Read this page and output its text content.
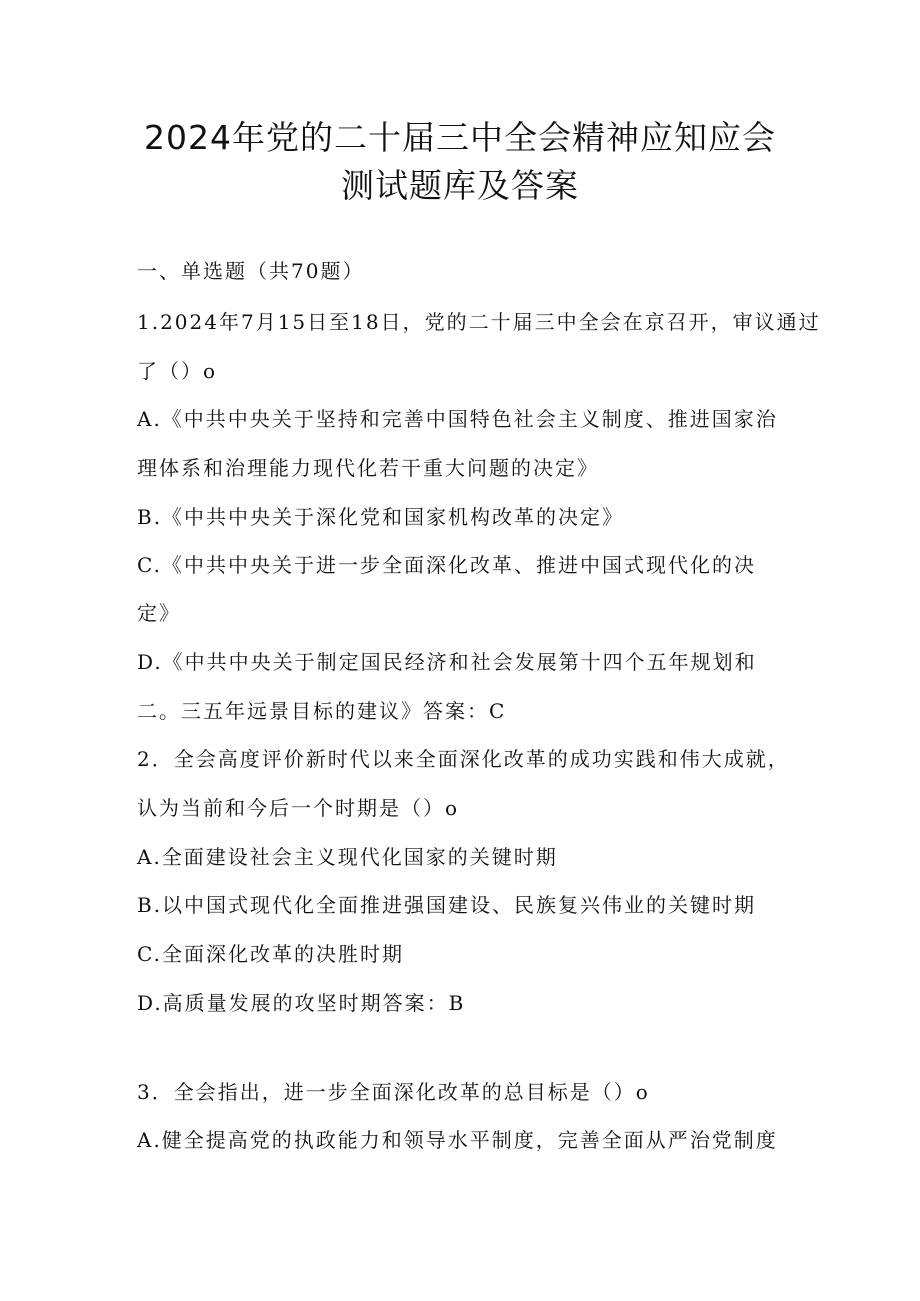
2024年党的二十届三中全会精神应知应会
测试题库及答案
一、单选题（共70题）
1.2024年7月15日至18日，党的二十届三中全会在京召开，审议通过
了（）o
A.《中共中央关于坚持和完善中国特色社会主义制度、推进国家治
理体系和治理能力现代化若干重大问题的决定》
B.《中共中央关于深化党和国家机构改革的决定》
C.《中共中央关于进一步全面深化改革、推进中国式现代化的决
定》
D.《中共中央关于制定国民经济和社会发展第十四个五年规划和
二。三五年远景目标的建议》答案：C
2．全会高度评价新时代以来全面深化改革的成功实践和伟大成就，
认为当前和今后一个时期是（）o
A.全面建设社会主义现代化国家的关键时期
B.以中国式现代化全面推进强国建设、民族复兴伟业的关键时期
C.全面深化改革的决胜时期
D.高质量发展的攻坚时期答案：B
3．全会指出，进一步全面深化改革的总目标是（）o
A.健全提高党的执政能力和领导水平制度，完善全面从严治党制度
